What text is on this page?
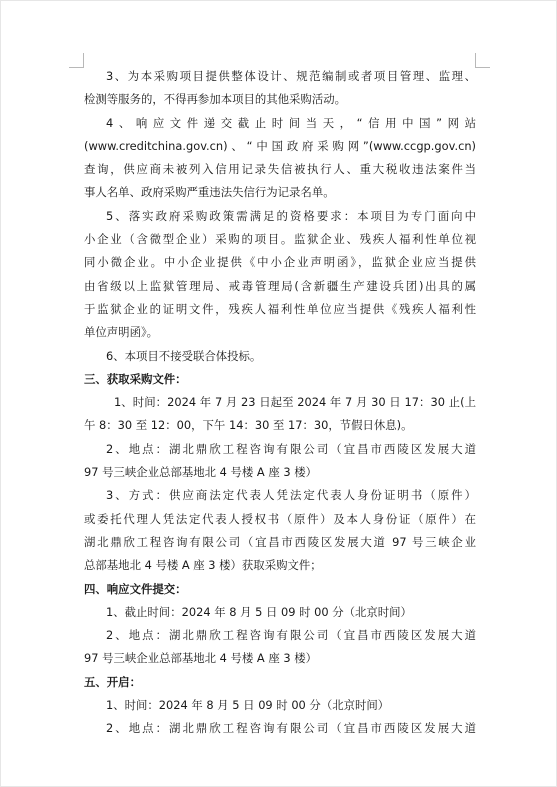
3、为本采购项目提供整体设计、规范编制或者项目管理、监理、
检测等服务的，不得再参加本项目的其他采购活动。
4、响应文件递交截止时间当天，“信用中国”网站
(www.creditchina.gov.cn)、“中国政府采购网”(www.ccgp.gov.cn)
查询，供应商未被列入信用记录失信被执行人、重大税收违法案件当
事人名单、政府采购严重违法失信行为记录名单。
5、落实政府采购政策需满足的资格要求：本项目为专门面向中
小企业（含微型企业）采购的项目。监狱企业、残疾人福利性单位视
同小微企业。中小企业提供《中小企业声明函》，监狱企业应当提供
由省级以上监狱管理局、戒毒管理局(含新疆生产建设兵团)出具的属
于监狱企业的证明文件，残疾人福利性单位应当提供《残疾人福利性
单位声明函》。
6、本项目不接受联合体投标。
三、获取采购文件：
1、时间：2024 年 7 月 23 日起至 2024 年 7 月 30 日 17：30 止(上
午 8：30 至 12：00，下午 14：30 至 17：30，节假日休息)。
2、地点：湖北鼎欣工程咨询有限公司（宜昌市西陵区发展大道
97 号三峡企业总部基地北 4 号楼 A 座 3 楼）
3、方式：供应商法定代表人凭法定代表人身份证明书（原件）
或委托代理人凭法定代表人授权书（原件）及本人身份证（原件）在
湖北鼎欣工程咨询有限公司（宜昌市西陵区发展大道 97 号三峡企业
总部基地北 4 号楼 A 座 3 楼）获取采购文件；
四、响应文件提交：
1、截止时间：2024 年 8 月 5 日 09 时 00 分（北京时间）
2、地点：湖北鼎欣工程咨询有限公司（宜昌市西陵区发展大道
97 号三峡企业总部基地北 4 号楼 A 座 3 楼）
五、开启：
1、时间：2024 年 8 月 5 日 09 时 00 分（北京时间）
2、地点：湖北鼎欣工程咨询有限公司（宜昌市西陵区发展大道
